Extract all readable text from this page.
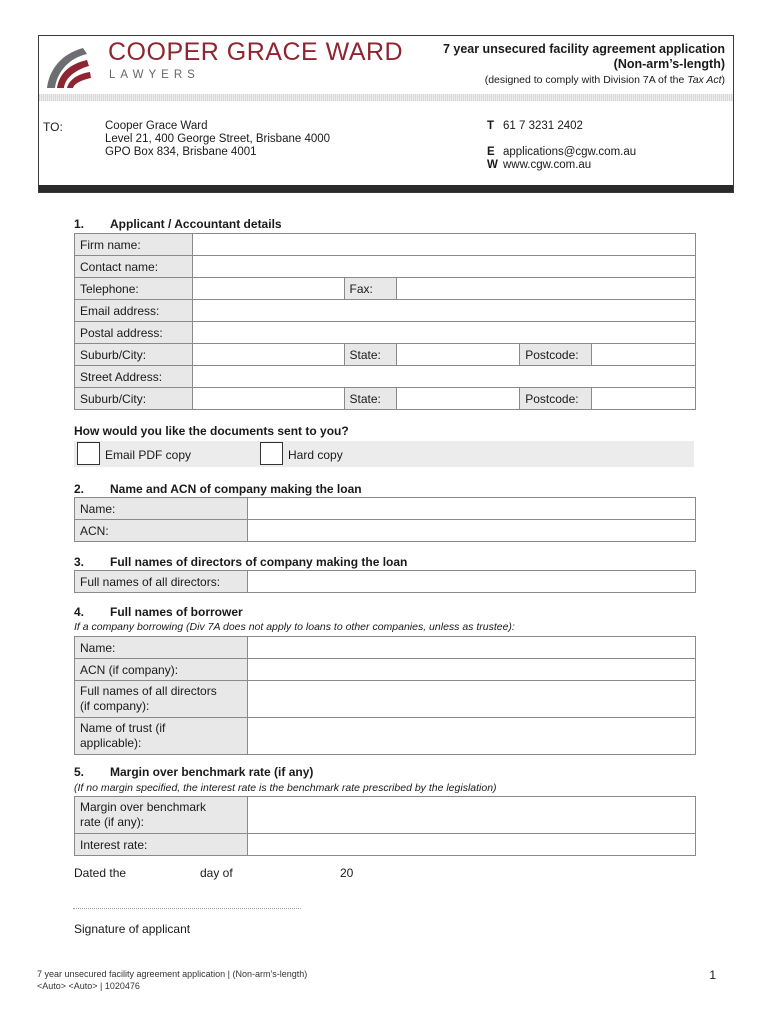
COOPER GRACE WARD
LAWYERS
7 year unsecured facility agreement application
(Non-arm’s-length)
(designed to comply with Division 7A of the Tax Act)
TO:	Cooper Grace Ward
Level 21, 400 George Street, Brisbane 4000
GPO Box 834, Brisbane 4001
T 61 7 3231 2402
E applications@cgw.com.au
W www.cgw.com.au
1. Applicant / Accountant details
Firm name:					
Contact name:					
Telephone:		Fax:			
Email address:					
Postal address:					
Suburb/City:		State:		Postcode:	
Street Address:					
Suburb/City:		State:		Postcode:	
How would you like the documents sent to you?
Email PDF copy	Hard copy
2. Name and ACN of company making the loan
Name:	
ACN:	
3. Full names of directors of company making the loan
Full names of all directors:	
4. Full names of borrower
If a company borrowing (Div 7A does not apply to loans to other companies, unless as trustee):
Name:	
ACN (if company):	

Full names of all directors
(if company):	

Name of trust (if
applicable):	

5. Margin over benchmark rate (if any)
(If no margin specified, the interest rate is the benchmark rate prescribed by the legislation)
Margin over benchmark
rate (if any):	

Interest rate:	
Dated the	day of	20
Signature of applicant
7 year unsecured facility agreement application | (Non-arm’s-length)
<Auto> <Auto> | 1020476
1
